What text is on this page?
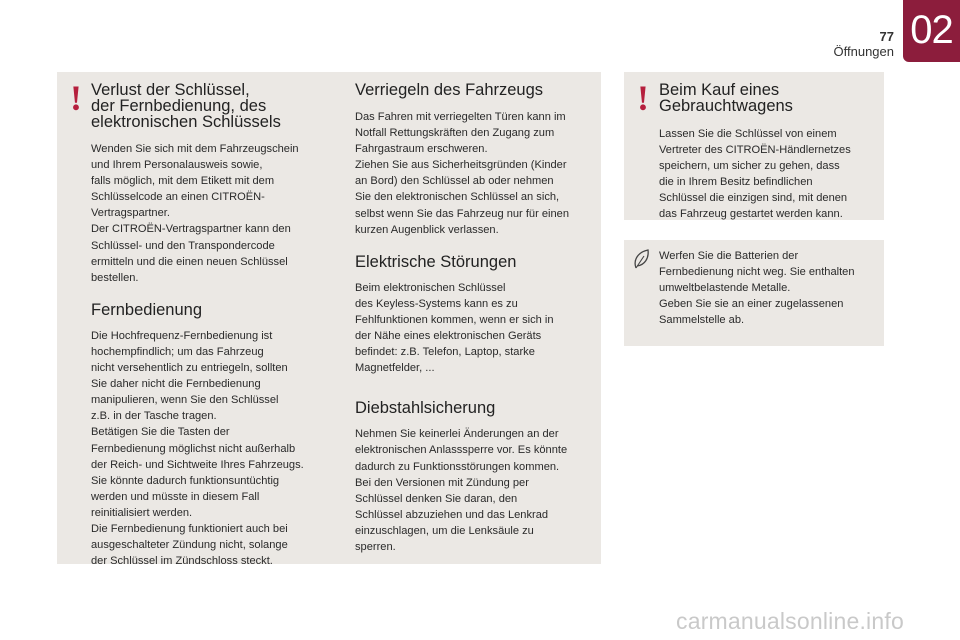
77
Öffnungen 02
!	!
Verlust der Schlüssel,
der Fernbedienung, des
elektronischen Schlüssels

Wenden Sie sich mit dem Fahrzeugschein
und Ihrem Personalausweis sowie,
falls möglich, mit dem Etikett mit dem
Schlüsselcode an einen CITROËN-
Vertragspartner.
Der CITROËN-Vertragspartner kann den
Schlüssel- und den Transpondercode
ermitteln und die einen neuen Schlüssel
bestellen.

Fernbedienung

Die Hochfrequenz-Fernbedienung ist
hochempfindlich; um das Fahrzeug
nicht versehentlich zu entriegeln, sollten
Sie daher nicht die Fernbedienung
manipulieren, wenn Sie den Schlüssel
z.B. in der Tasche tragen.
Betätigen Sie die Tasten der
Fernbedienung möglichst nicht außerhalb
der Reich- und Sichtweite Ihres Fahrzeugs.
Sie könnte dadurch funktionsuntüchtig
werden und müsste in diesem Fall
reinitialisiert werden.
Die Fernbedienung funktioniert auch bei
ausgeschalteter Zündung nicht, solange
der Schlüssel im Zündschloss steckt.

Verriegeln des Fahrzeugs

Das Fahren mit verriegelten Türen kann im
Notfall Rettungskräften den Zugang zum
Fahrgastraum erschweren.
Ziehen Sie aus Sicherheitsgründen (Kinder
an Bord) den Schlüssel ab oder nehmen
Sie den elektronischen Schlüssel an sich,
selbst wenn Sie das Fahrzeug nur für einen
kurzen Augenblick verlassen.

Elektrische Störungen

Beim elektronischen Schlüssel
des Keyless-Systems kann es zu
Fehlfunktionen kommen, wenn er sich in
der Nähe eines elektronischen Geräts
befindet: z.B. Telefon, Laptop, starke
Magnetfelder, ...

Diebstahlsicherung

Nehmen Sie keinerlei Änderungen an der
elektronischen Anlasssperre vor. Es könnte
dadurch zu Funktionsstörungen kommen.
Bei den Versionen mit Zündung per
Schlüssel denken Sie daran, den
Schlüssel abzuziehen und das Lenkrad
einzuschlagen, um die Lenksäule zu
sperren.

Beim Kauf eines
Gebrauchtwagens

Lassen Sie die Schlüssel von einem
Vertreter des CITROËN-Händlernetzes
speichern, um sicher zu gehen, dass
die in Ihrem Besitz befindlichen
Schlüssel die einzigen sind, mit denen
das Fahrzeug gestartet werden kann.

Werfen Sie die Batterien der
Fernbedienung nicht weg. Sie enthalten
umweltbelastende Metalle.
Geben Sie sie an einer zugelassenen
Sammelstelle ab.

carmanualsonline.info
